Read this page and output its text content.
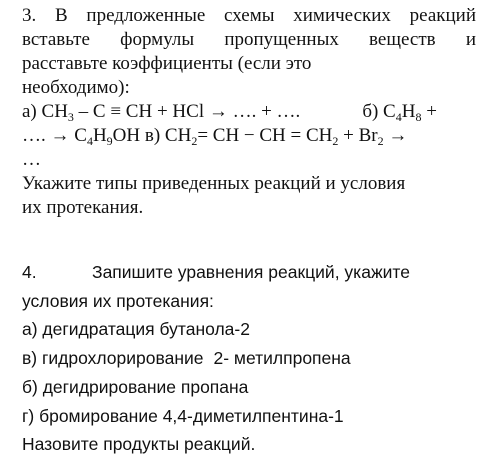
3. В предложенные схемы химических реакций
вставьте формулы пропущенных веществ и
расставьте коэффициенты (если это
необходимо):
а) $CH_3$ – C ≡ CH + HCl → …. + ….	б) $C_4H_8$ +
…. → $C_4H_9OH$ в) $CH_2=$ CH − CH = $CH_2 + Br_2$ →
…
Укажите типы приведенных реакций и условия
их протекания.
4.	Запишите уравнения реакций, укажите
условия их протекания:
а) дегидратация бутанола-2
в) гидрохлорирование 2- метилпропена
б) дегидрирование пропана
г) бромирование 4,4-диметилпентина-1
Назовите продукты реакций.
